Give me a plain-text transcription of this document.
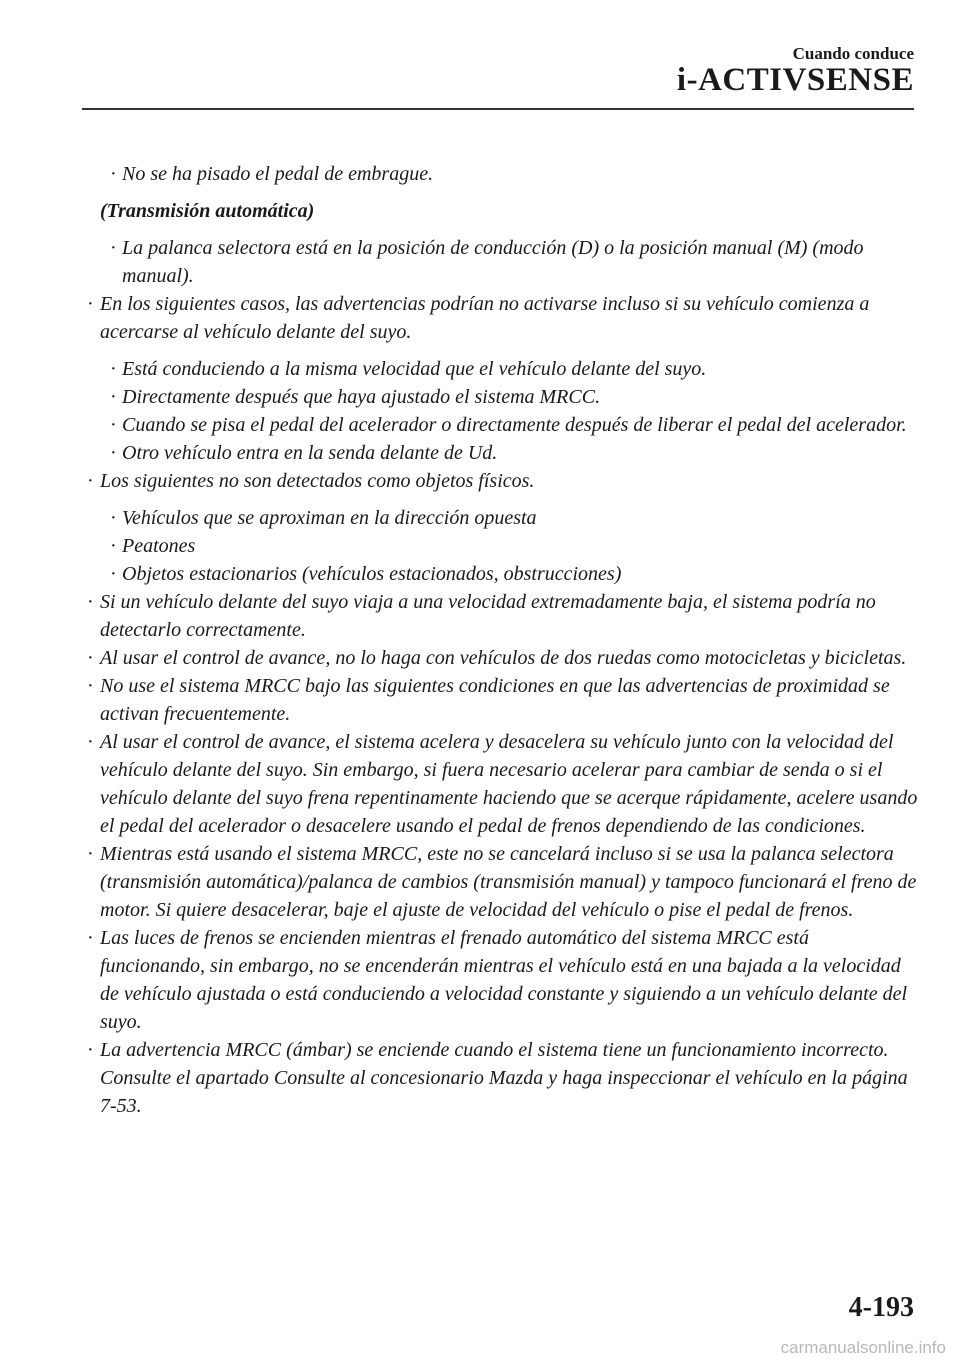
Cuando conduce
i-ACTIVSENSE
· No se ha pisado el pedal de embrague.
(Transmisión automática)
· La palanca selectora está en la posición de conducción (D) o la posición manual (M) (modo manual).
· En los siguientes casos, las advertencias podrían no activarse incluso si su vehículo comienza a acercarse al vehículo delante del suyo.
· Está conduciendo a la misma velocidad que el vehículo delante del suyo.
· Directamente después que haya ajustado el sistema MRCC.
· Cuando se pisa el pedal del acelerador o directamente después de liberar el pedal del acelerador.
· Otro vehículo entra en la senda delante de Ud.
· Los siguientes no son detectados como objetos físicos.
· Vehículos que se aproximan en la dirección opuesta
· Peatones
· Objetos estacionarios (vehículos estacionados, obstrucciones)
· Si un vehículo delante del suyo viaja a una velocidad extremadamente baja, el sistema podría no detectarlo correctamente.
· Al usar el control de avance, no lo haga con vehículos de dos ruedas como motocicletas y bicicletas.
· No use el sistema MRCC bajo las siguientes condiciones en que las advertencias de proximidad se activan frecuentemente.
· Al usar el control de avance, el sistema acelera y desacelera su vehículo junto con la velocidad del vehículo delante del suyo. Sin embargo, si fuera necesario acelerar para cambiar de senda o si el vehículo delante del suyo frena repentinamente haciendo que se acerque rápidamente, acelere usando el pedal del acelerador o desacelere usando el pedal de frenos dependiendo de las condiciones.
· Mientras está usando el sistema MRCC, este no se cancelará incluso si se usa la palanca selectora (transmisión automática)/palanca de cambios (transmisión manual) y tampoco funcionará el freno de motor. Si quiere desacelerar, baje el ajuste de velocidad del vehículo o pise el pedal de frenos.
· Las luces de frenos se encienden mientras el frenado automático del sistema MRCC está funcionando, sin embargo, no se encenderán mientras el vehículo está en una bajada a la velocidad de vehículo ajustada o está conduciendo a velocidad constante y siguiendo a un vehículo delante del suyo.
· La advertencia MRCC (ámbar) se enciende cuando el sistema tiene un funcionamiento incorrecto.
Consulte el apartado Consulte al concesionario Mazda y haga inspeccionar el vehículo en la página 7-53.
4-193
carmanualsonline.info
